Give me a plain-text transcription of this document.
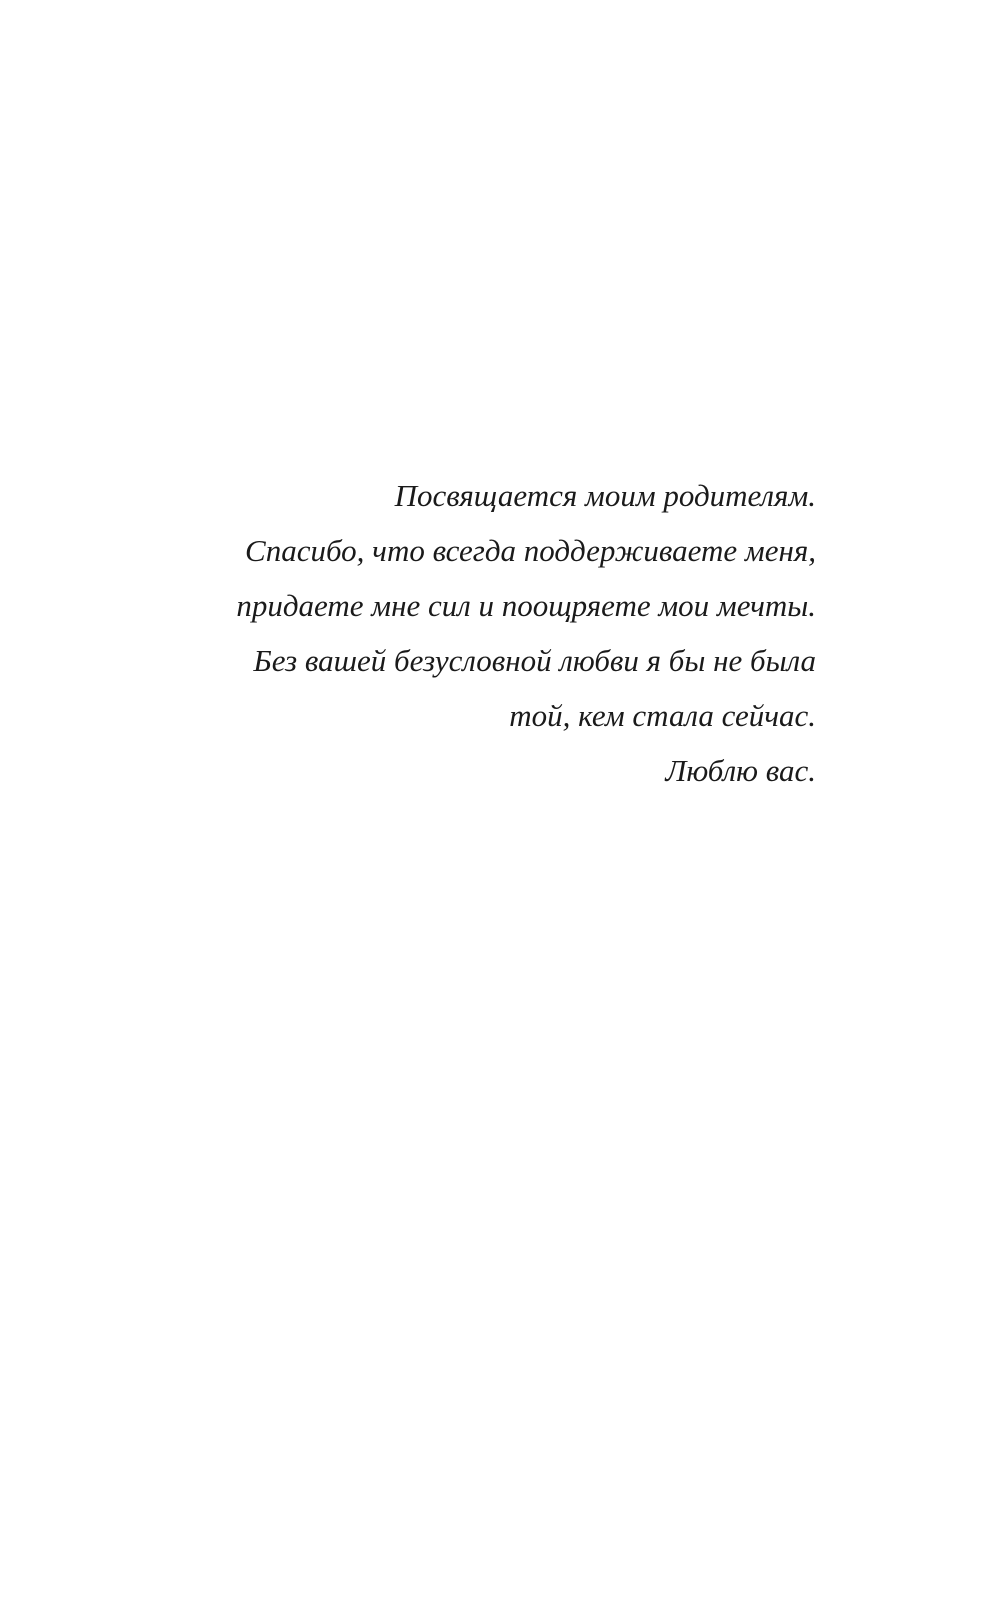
Посвящается моим родителям.
Спасибо, что всегда поддерживаете меня,
придаете мне сил и поощряете мои мечты.
Без вашей безусловной любви я бы не была
той, кем стала сейчас.
Люблю вас.
